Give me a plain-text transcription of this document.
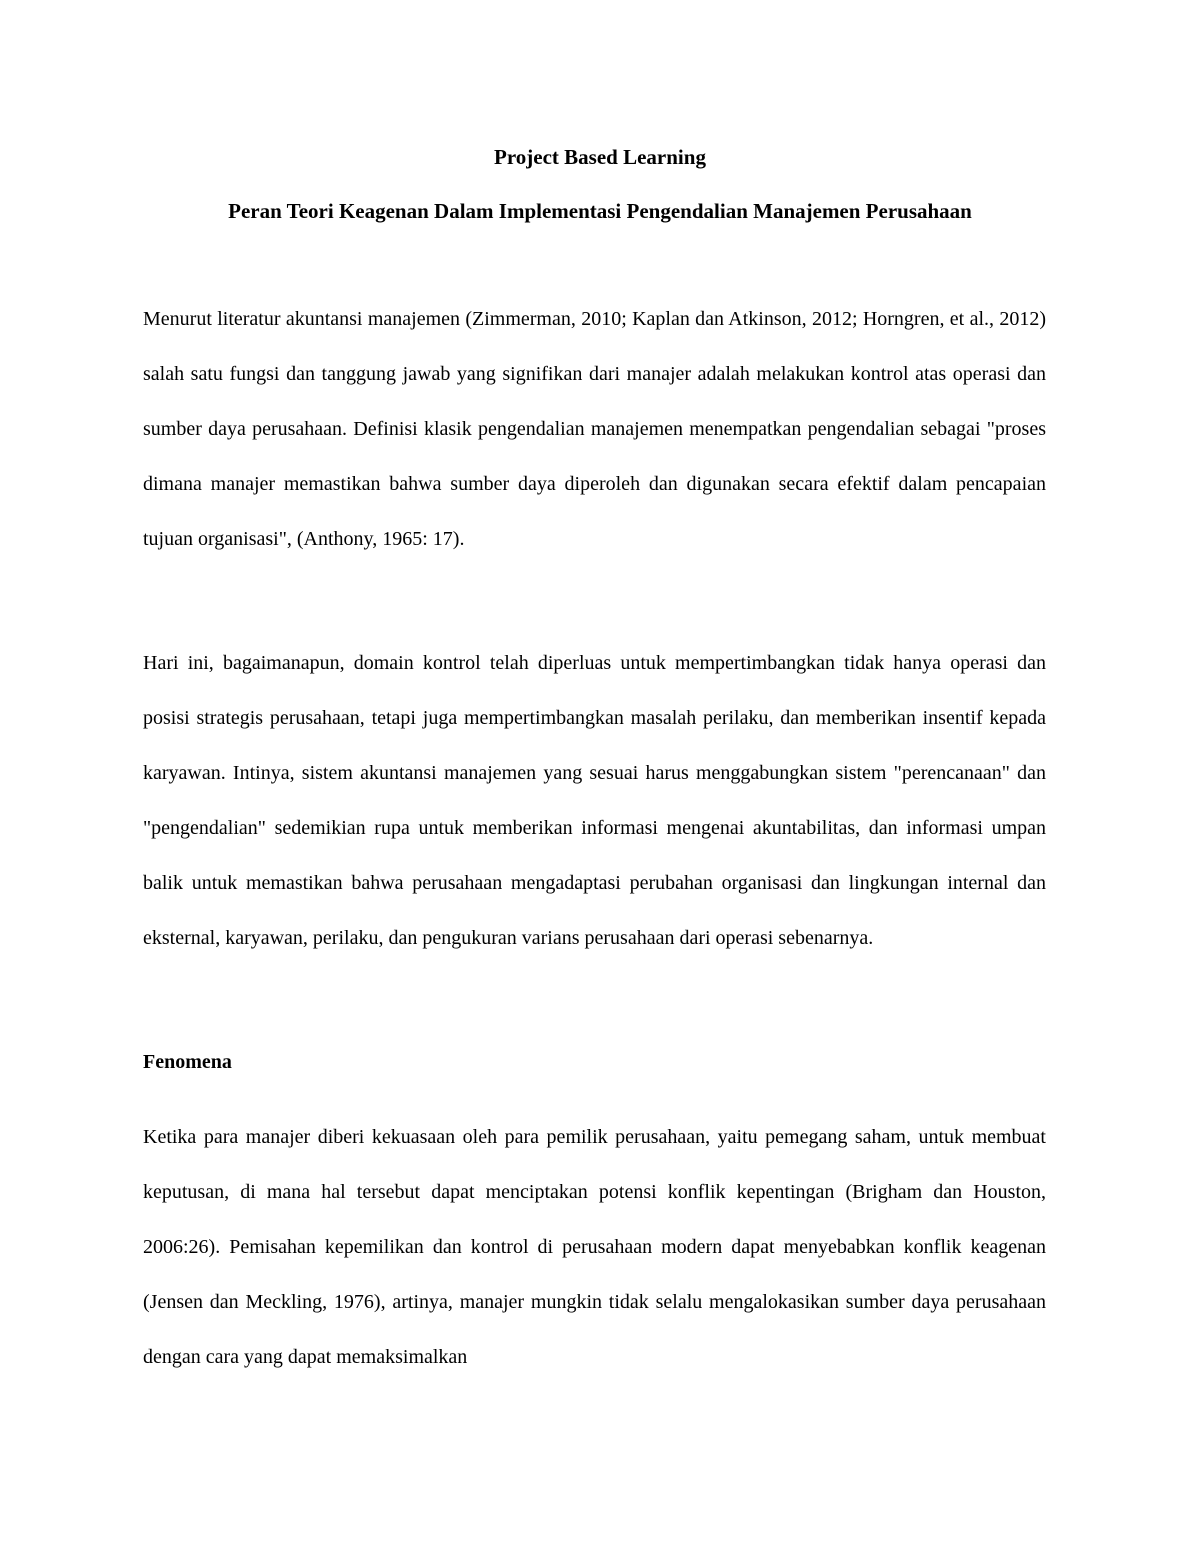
Project Based Learning
Peran Teori Keagenan Dalam Implementasi Pengendalian Manajemen Perusahaan

Menurut literatur akuntansi manajemen (Zimmerman, 2010; Kaplan dan Atkinson, 2012; Horngren, et al., 2012) salah satu fungsi dan tanggung jawab yang signifikan dari manajer adalah melakukan kontrol atas operasi dan sumber daya perusahaan. Definisi klasik pengendalian manajemen menempatkan pengendalian sebagai "proses dimana manajer memastikan bahwa sumber daya diperoleh dan digunakan secara efektif dalam pencapaian tujuan organisasi", (Anthony, 1965: 17).

Hari ini, bagaimanapun, domain kontrol telah diperluas untuk mempertimbangkan tidak hanya operasi dan posisi strategis perusahaan, tetapi juga mempertimbangkan masalah perilaku, dan memberikan insentif kepada karyawan. Intinya, sistem akuntansi manajemen yang sesuai harus menggabungkan sistem "perencanaan" dan "pengendalian" sedemikian rupa untuk memberikan informasi mengenai akuntabilitas, dan informasi umpan balik untuk memastikan bahwa perusahaan mengadaptasi perubahan organisasi dan lingkungan internal dan eksternal, karyawan, perilaku, dan pengukuran varians perusahaan dari operasi sebenarnya.

Fenomena

Ketika para manajer diberi kekuasaan oleh para pemilik perusahaan, yaitu pemegang saham, untuk membuat keputusan, di mana hal tersebut dapat menciptakan potensi konflik kepentingan (Brigham dan Houston, 2006:26). Pemisahan kepemilikan dan kontrol di perusahaan modern dapat menyebabkan konflik keagenan (Jensen dan Meckling, 1976), artinya, manajer mungkin tidak selalu mengalokasikan sumber daya perusahaan dengan cara yang dapat memaksimalkan
